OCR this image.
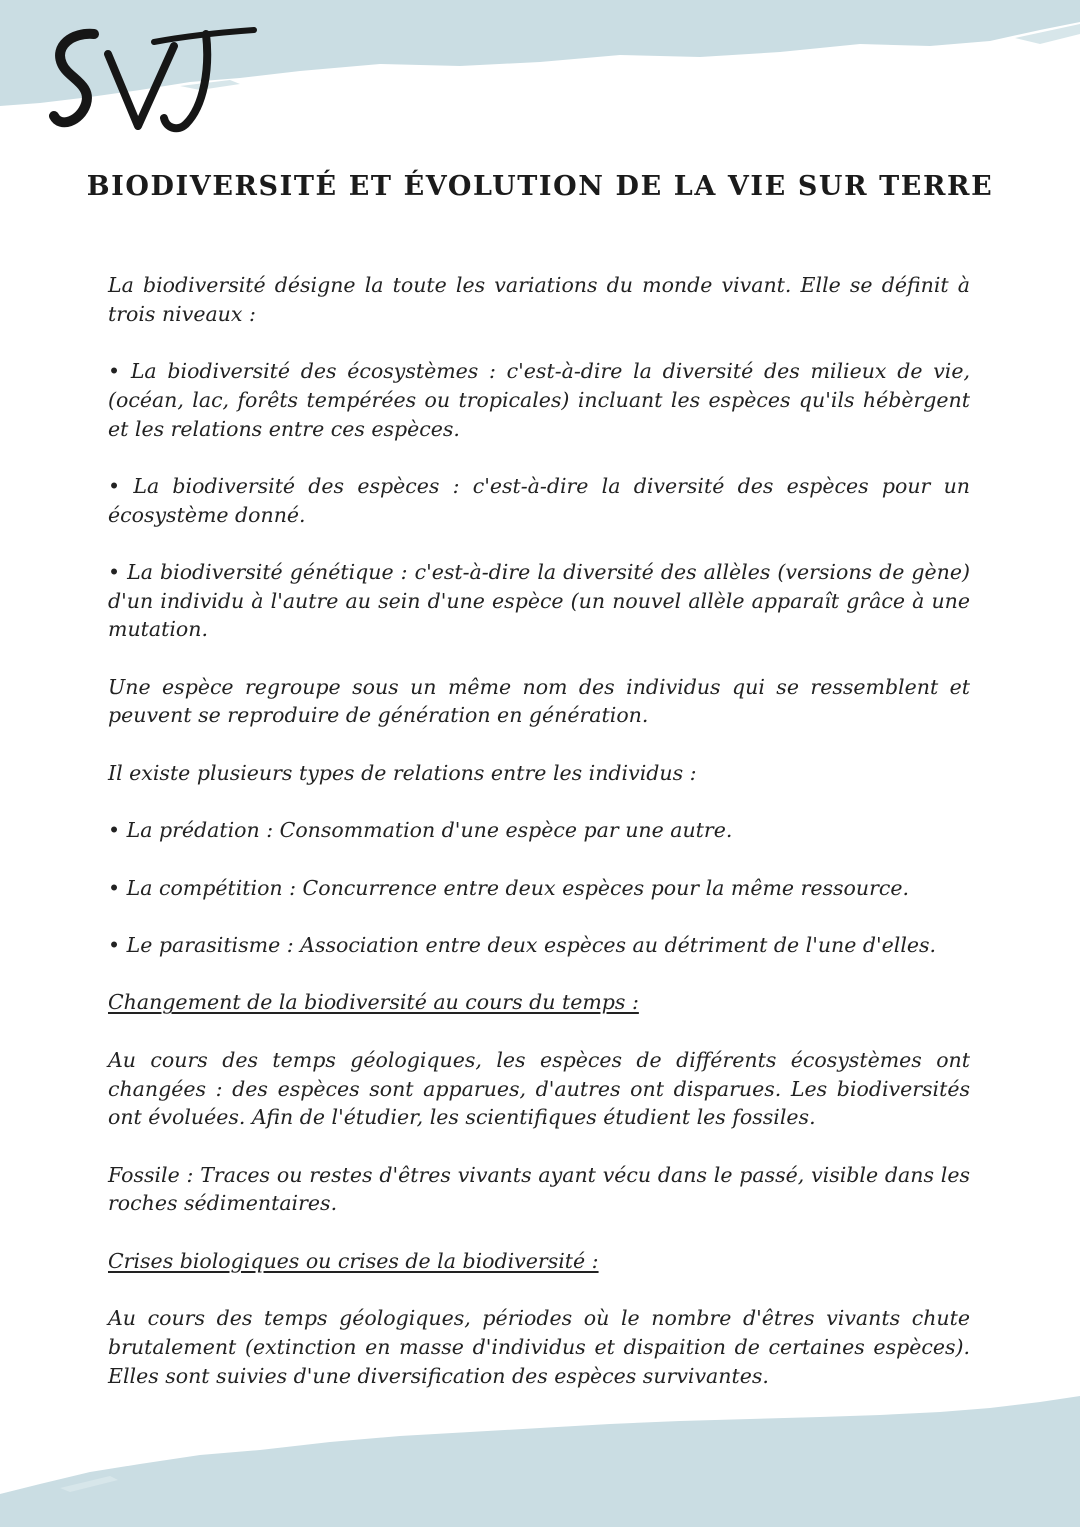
BIODIVERSITÉ ET ÉVOLUTION DE LA VIE SUR TERRE

La biodiversité désigne la toute les variations du monde vivant. Elle se définit à trois niveaux :

• La biodiversité des écosystèmes : c'est-à-dire la diversité des milieux de vie, (océan, lac, forêts tempérées ou tropicales) incluant les espèces qu'ils hébèrgent et les relations entre ces espèces.

• La biodiversité des espèces : c'est-à-dire la diversité des espèces pour un écosystème donné.

• La biodiversité génétique : c'est-à-dire la diversité des allèles (versions de gène) d'un individu à l'autre au sein d'une espèce (un nouvel allèle apparaît grâce à une mutation.

Une espèce regroupe sous un même nom des individus qui se ressemblent et peuvent se reproduire de génération en génération.

Il existe plusieurs types de relations entre les individus :

• La prédation : Consommation d'une espèce par une autre.

• La compétition : Concurrence entre deux espèces pour la même ressource.

• Le parasitisme : Association entre deux espèces au détriment de l'une d'elles.

Changement de la biodiversité au cours du temps :

Au cours des temps géologiques, les espèces de différents écosystèmes ont changées : des espèces sont apparues, d'autres ont disparues. Les biodiversités ont évoluées. Afin de l'étudier, les scientifiques étudient les fossiles.

Fossile : Traces ou restes d'êtres vivants ayant vécu dans le passé, visible dans les roches sédimentaires.

Crises biologiques ou crises de la biodiversité :

Au cours des temps géologiques, périodes où le nombre d'êtres vivants chute brutalement (extinction en masse d'individus et dispaition de certaines espèces). Elles sont suivies d'une diversification des espèces survivantes.
